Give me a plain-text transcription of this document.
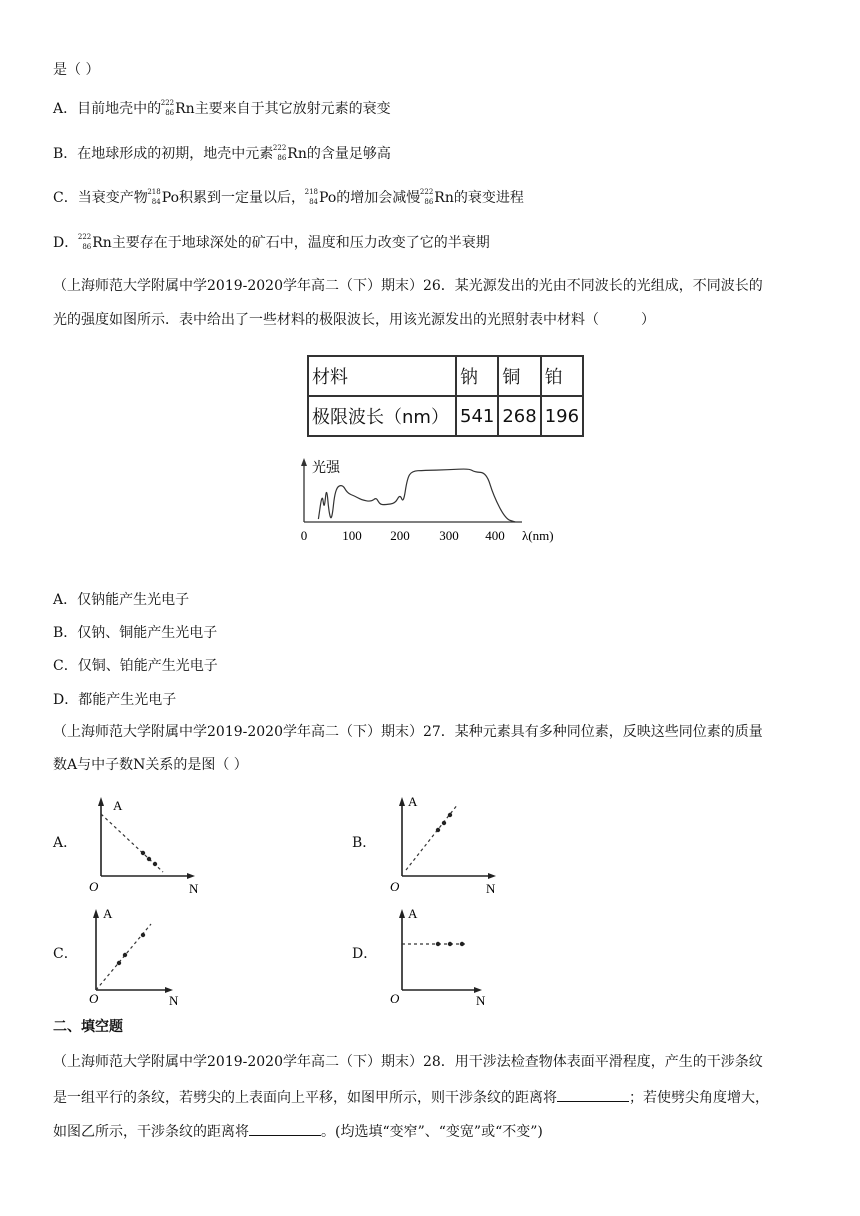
是（ ）
A．目前地壳中的 222
86 Rn主要来自于其它放射元素的衰变
B．在地球形成的初期，地壳中元素 222
86 Rn的含量足够高
C．当衰变产物 218
84 Po积累到一定量以后， 218
84 Po的增加会减慢 222
86 Rn的衰变进程
D． 222
86 Rn主要存在于地球深处的矿石中，温度和压力改变了它的半衰期
（上海师范大学附属中学2019-2020学年高二（下）期末）26．某光源发出的光由不同波长的光组成，不同波长的
光的强度如图所示．表中给出了一些材料的极限波长，用该光源发出的光照射表中材料（　　　）
材料	钠	铜	铂
极限波长（nm）	541	268	196
光强
λ(nm)
0	100 200 300 400
A．仅钠能产生光电子
B．仅钠、铜能产生光电子
C．仅铜、铂能产生光电子
D．都能产生光电子
（上海师范大学附属中学2019-2020学年高二（下）期末）27．某种元素具有多种同位素，反映这些同位素的质量
数A与中子数N关系的是图（ ）
A．
A
O	N
B．
A
O	N
C．
A
O	N
D．
A
O	N
二、填空题
（上海师范大学附属中学2019-2020学年高二（下）期末）28．用干涉法检查物体表面平滑程度，产生的干涉条纹
是一组平行的条纹，若劈尖的上表面向上平移，如图甲所示，则干涉条纹的距离将	；若使劈尖角度增大，
如图乙所示，干涉条纹的距离将	。(均选填“变窄”、“变宽”或“不变”)
